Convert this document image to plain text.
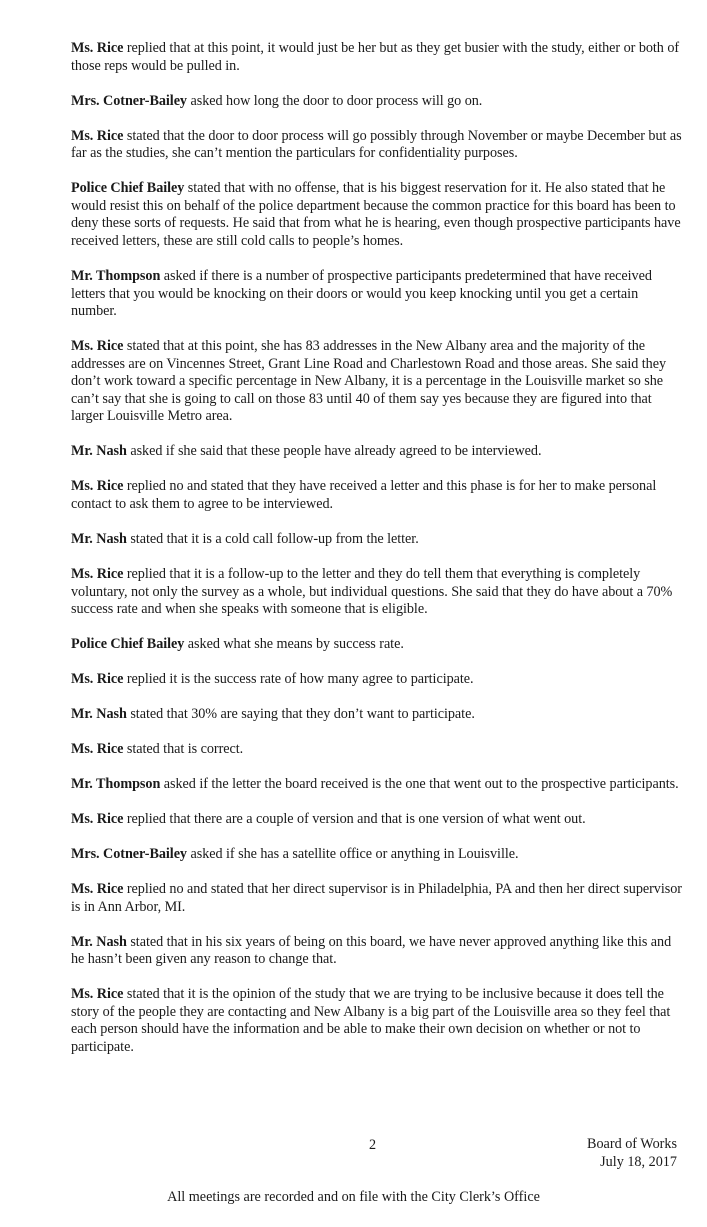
Ms. Rice replied that at this point, it would just be her but as they get busier with the study, either or both of those reps would be pulled in.

Mrs. Cotner-Bailey asked how long the door to door process will go on.

Ms. Rice stated that the door to door process will go possibly through November or maybe December but as far as the studies, she can’t mention the particulars for confidentiality purposes.

Police Chief Bailey stated that with no offense, that is his biggest reservation for it. He also stated that he would resist this on behalf of the police department because the common practice for this board has been to deny these sorts of requests. He said that from what he is hearing, even though prospective participants have received letters, these are still cold calls to people’s homes.

Mr. Thompson asked if there is a number of prospective participants predetermined that have received letters that you would be knocking on their doors or would you keep knocking until you get a certain number.

Ms. Rice stated that at this point, she has 83 addresses in the New Albany area and the majority of the addresses are on Vincennes Street, Grant Line Road and Charlestown Road and those areas. She said they don’t work toward a specific percentage in New Albany, it is a percentage in the Louisville market so she can’t say that she is going to call on those 83 until 40 of them say yes because they are figured into that larger Louisville Metro area.

Mr. Nash asked if she said that these people have already agreed to be interviewed.

Ms. Rice replied no and stated that they have received a letter and this phase is for her to make personal contact to ask them to agree to be interviewed.

Mr. Nash stated that it is a cold call follow-up from the letter.

Ms. Rice replied that it is a follow-up to the letter and they do tell them that everything is completely voluntary, not only the survey as a whole, but individual questions. She said that they do have about a 70% success rate and when she speaks with someone that is eligible.

Police Chief Bailey asked what she means by success rate.

Ms. Rice replied it is the success rate of how many agree to participate.

Mr. Nash stated that 30% are saying that they don’t want to participate.

Ms. Rice stated that is correct.

Mr. Thompson asked if the letter the board received is the one that went out to the prospective participants.

Ms. Rice replied that there are a couple of version and that is one version of what went out.

Mrs. Cotner-Bailey asked if she has a satellite office or anything in Louisville.

Ms. Rice replied no and stated that her direct supervisor is in Philadelphia, PA and then her direct supervisor is in Ann Arbor, MI.

Mr. Nash stated that in his six years of being on this board, we have never approved anything like this and he hasn’t been given any reason to change that.

Ms. Rice stated that it is the opinion of the study that we are trying to be inclusive because it does tell the story of the people they are contacting and New Albany is a big part of the Louisville area so they feel that each person should have the information and be able to make their own decision on whether or not to participate.

2	Board of Works
July 18, 2017
All meetings are recorded and on file with the City Clerk’s Office
